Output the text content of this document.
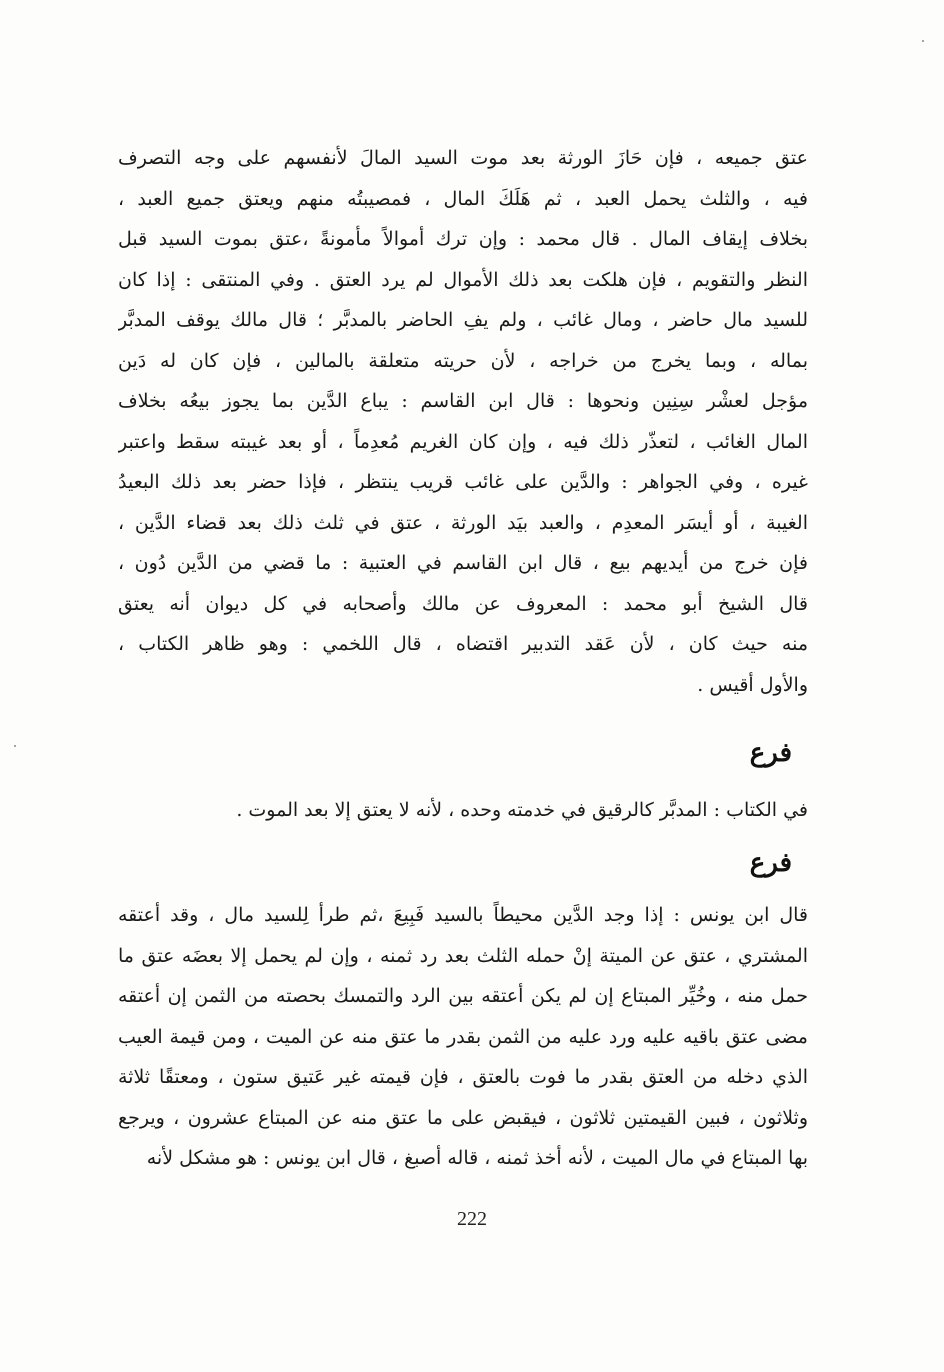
عتق جميعه ، فإن حَازَ الورثة بعد موت السيد المالَ لأنفسهم على وجه التصرف
فيه ، والثلث يحمل العبد ، ثم هَلَكَ المال ، فمصيبتُه منهم ويعتق جميع العبد ،
بخلاف إيقاف المال . قال محمد : وإن ترك أموالاً مأمونةً ،عتق بموت السيد قبل
النظر والتقويم ، فإن هلكت بعد ذلك الأموال لم يرد العتق . وفي المنتقى : إذا كان
للسيد مال حاضر ، ومال غائب ، ولم يفِ الحاضر بالمدبَّر ؛ قال مالك يوقف المدبَّر
بماله ، وبما يخرج من خراجه ، لأن حريته متعلقة بالمالين ، فإن كان له دَين
مؤجل لعشْر سِنِين ونحوها : قال ابن القاسم : يباع الدَّين بما يجوز بيعُه بخلاف
المال الغائب ، لتعذّر ذلك فيه ، وإن كان الغريم مُعدِماً ، أو بعد غيبته سقط واعتبر
غيره ، وفي الجواهر : والدَّين على غائب قريب ينتظر ، فإذا حضر بعد ذلك البعيدُ
الغيبة ، أو أيسَر المعدِم ، والعبد بيَد الورثة ، عتق في ثلث ذلك بعد قضاء الدَّين ،
فإن خرج من أيديهم بيع ، قال ابن القاسم في العتبية : ما قضي من الدَّين دُون ،
قال الشيخ أبو محمد : المعروف عن مالك وأصحابه في كل ديوان أنه يعتق
منه حيث كان ، لأن عَقد التدبير اقتضاه ، قال اللخمي : وهو ظاهر الكتاب ،
والأول أقيس .
فرع
في الكتاب : المدبَّر كالرقيق في خدمته وحده ، لأنه لا يعتق إلا بعد الموت .
فرع
قال ابن يونس : إذا وجد الدَّين محيطاً بالسيد فَبِيعَ ،ثم طرأ لِلسيد مال ، وقد أعتقه
المشتري ، عتق عن الميتة إنْ حمله الثلث بعد رد ثمنه ، وإن لم يحمل إلا بعضَه عتق ما
حمل منه ، وخُيِّر المبتاع إن لم يكن أعتقه بين الرد والتمسك بحصته من الثمن إن أعتقه
مضى عتق باقيه عليه ورد عليه من الثمن بقدر ما عتق منه عن الميت ، ومن قيمة العيب
الذي دخله من العتق بقدر ما فوت بالعتق ، فإن قيمته غير عَتيق ستون ، ومعتقًا ثلاثة
وثلاثون ، فبين القيمتين ثلاثون ، فيقبض على ما عتق منه عن المبتاع عشرون ، ويرجع
بها المبتاع في مال الميت ، لأنه أخذ ثمنه ، قاله أصبغ ، قال ابن يونس : هو مشكل لأنه
222
